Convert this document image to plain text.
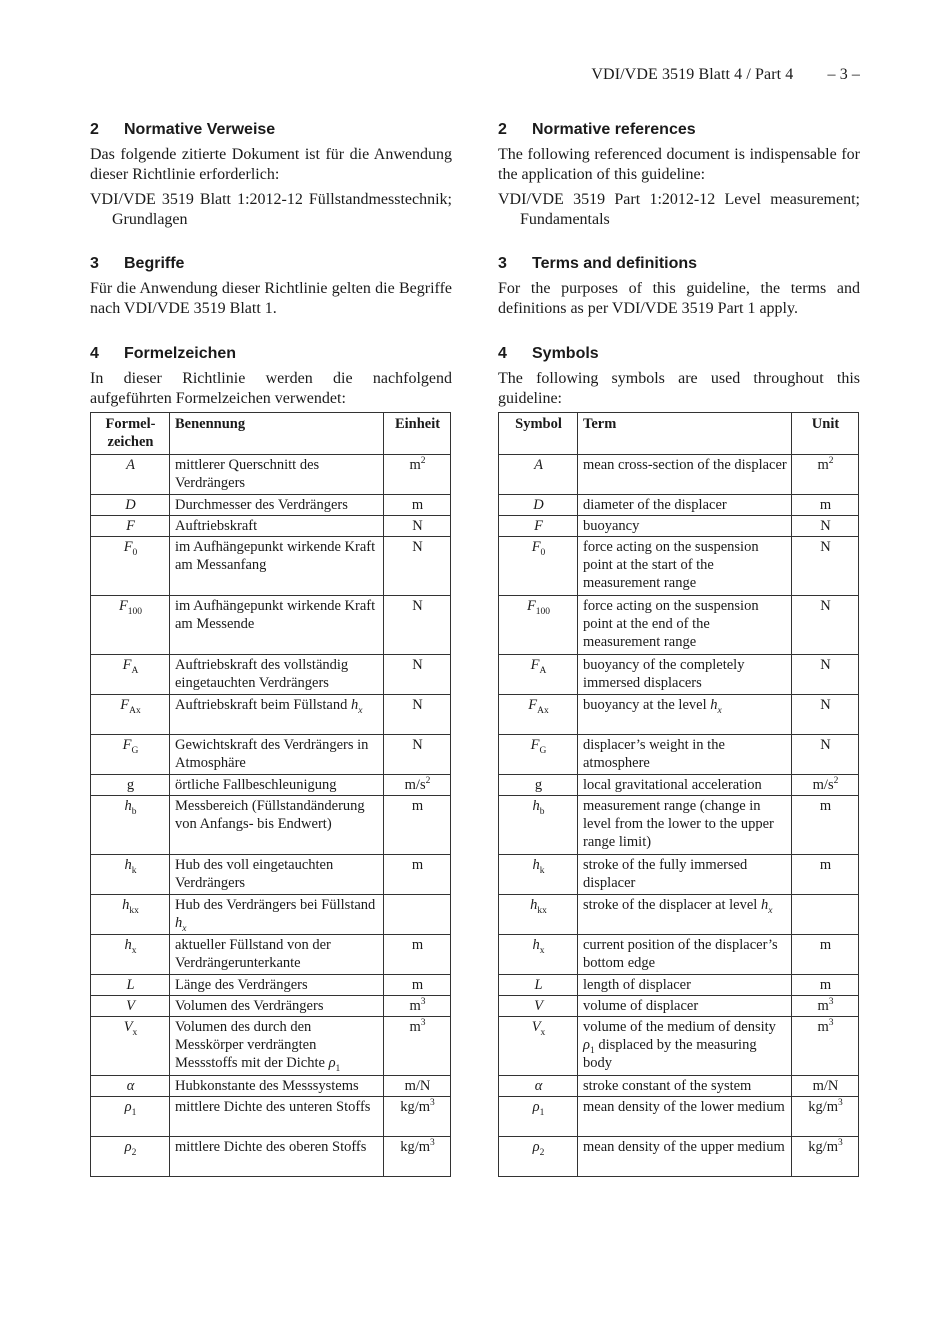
VDI/VDE 3519 Blatt 4 / Part 4 – 3 –
2 Normative Verweise

Das folgende zitierte Dokument ist für die Anwendung dieser Richtlinie erforderlich:

VDI/VDE 3519 Blatt 1:2012-12 Füllstandmesstechnik; Grundlagen
3 Begriffe

Für die Anwendung dieser Richtlinie gelten die Begriffe nach VDI/VDE 3519 Blatt 1.

4 Formelzeichen

In dieser Richtlinie werden die nachfolgend aufgeführten Formelzeichen verwendet:

Formel-zeichen	Benennung	Einheit
A	mittlerer Querschnitt des Verdrängers	$m^2$
D	Durchmesser des Verdrängers	m
F	Auftriebskraft	N
$F_0$	im Aufhängepunkt wirkende Kraft am Messanfang	N
$F_{100}$	im Aufhängepunkt wirkende Kraft am Messende	N
$F_A$	Auftriebskraft des vollständig eingetauchten Verdrängers	N
$F_{Ax}$	Auftriebskraft beim Füllstand $h_x$	N
$F_G$	Gewichtskraft des Verdrängers in Atmosphäre	N
g	örtliche Fallbeschleunigung	$m/s^2$
$h_b$	Messbereich (Füllstandänderung von Anfangs- bis Endwert)	m
$h_k$	Hub des voll eingetauchten Verdrängers	m
$h_{kx}$	Hub des Verdrängers bei Füllstand $h_x$	
$h_x$	aktueller Füllstand von der Verdrängerunterkante	m
L	Länge des Verdrängers	m
V	Volumen des Verdrängers	$m^3$
$V_x$	Volumen des durch den Messkörper verdrängten Messstoffs mit der Dichte $\rho_1$	$m^3$
α	Hubkonstante des Messsystems	m/N
$\rho_1$	mittlere Dichte des unteren Stoffs	$kg/m^3$
$\rho_2$	mittlere Dichte des oberen Stoffs	$kg/m^3$
2 Normative references

The following referenced document is indispensable for the application of this guideline:

VDI/VDE 3519 Part 1:2012-12 Level measurement; Fundamentals
3 Terms and definitions

For the purposes of this guideline, the terms and definitions as per VDI/VDE 3519 Part 1 apply.

4 Symbols

The following symbols are used throughout this guideline:

Symbol	Term	Unit
A	mean cross-section of the displacer	$m^2$
D	diameter of the displacer	m
F	buoyancy	N
$F_0$	force acting on the suspension point at the start of the measurement range	N
$F_{100}$	force acting on the suspension point at the end of the measurement range	N
$F_A$	buoyancy of the completely immersed displacers	N
$F_{Ax}$	buoyancy at the level $h_x$	N
$F_G$	displacer’s weight in the atmosphere	N
g	local gravitational acceleration	$m/s^2$
$h_b$	measurement range (change in level from the lower to the upper range limit)	m
$h_k$	stroke of the fully immersed displacer	m
$h_{kx}$	stroke of the displacer at level $h_x$	
$h_x$	current position of the displacer’s bottom edge	m
L	length of displacer	m
V	volume of displacer	$m^3$
$V_x$	volume of the medium of density $\rho_1$ displaced by the measuring body	$m^3$
α	stroke constant of the system	m/N
$\rho_1$	mean density of the lower medium	$kg/m^3$
$\rho_2$	mean density of the upper medium	$kg/m^3$
